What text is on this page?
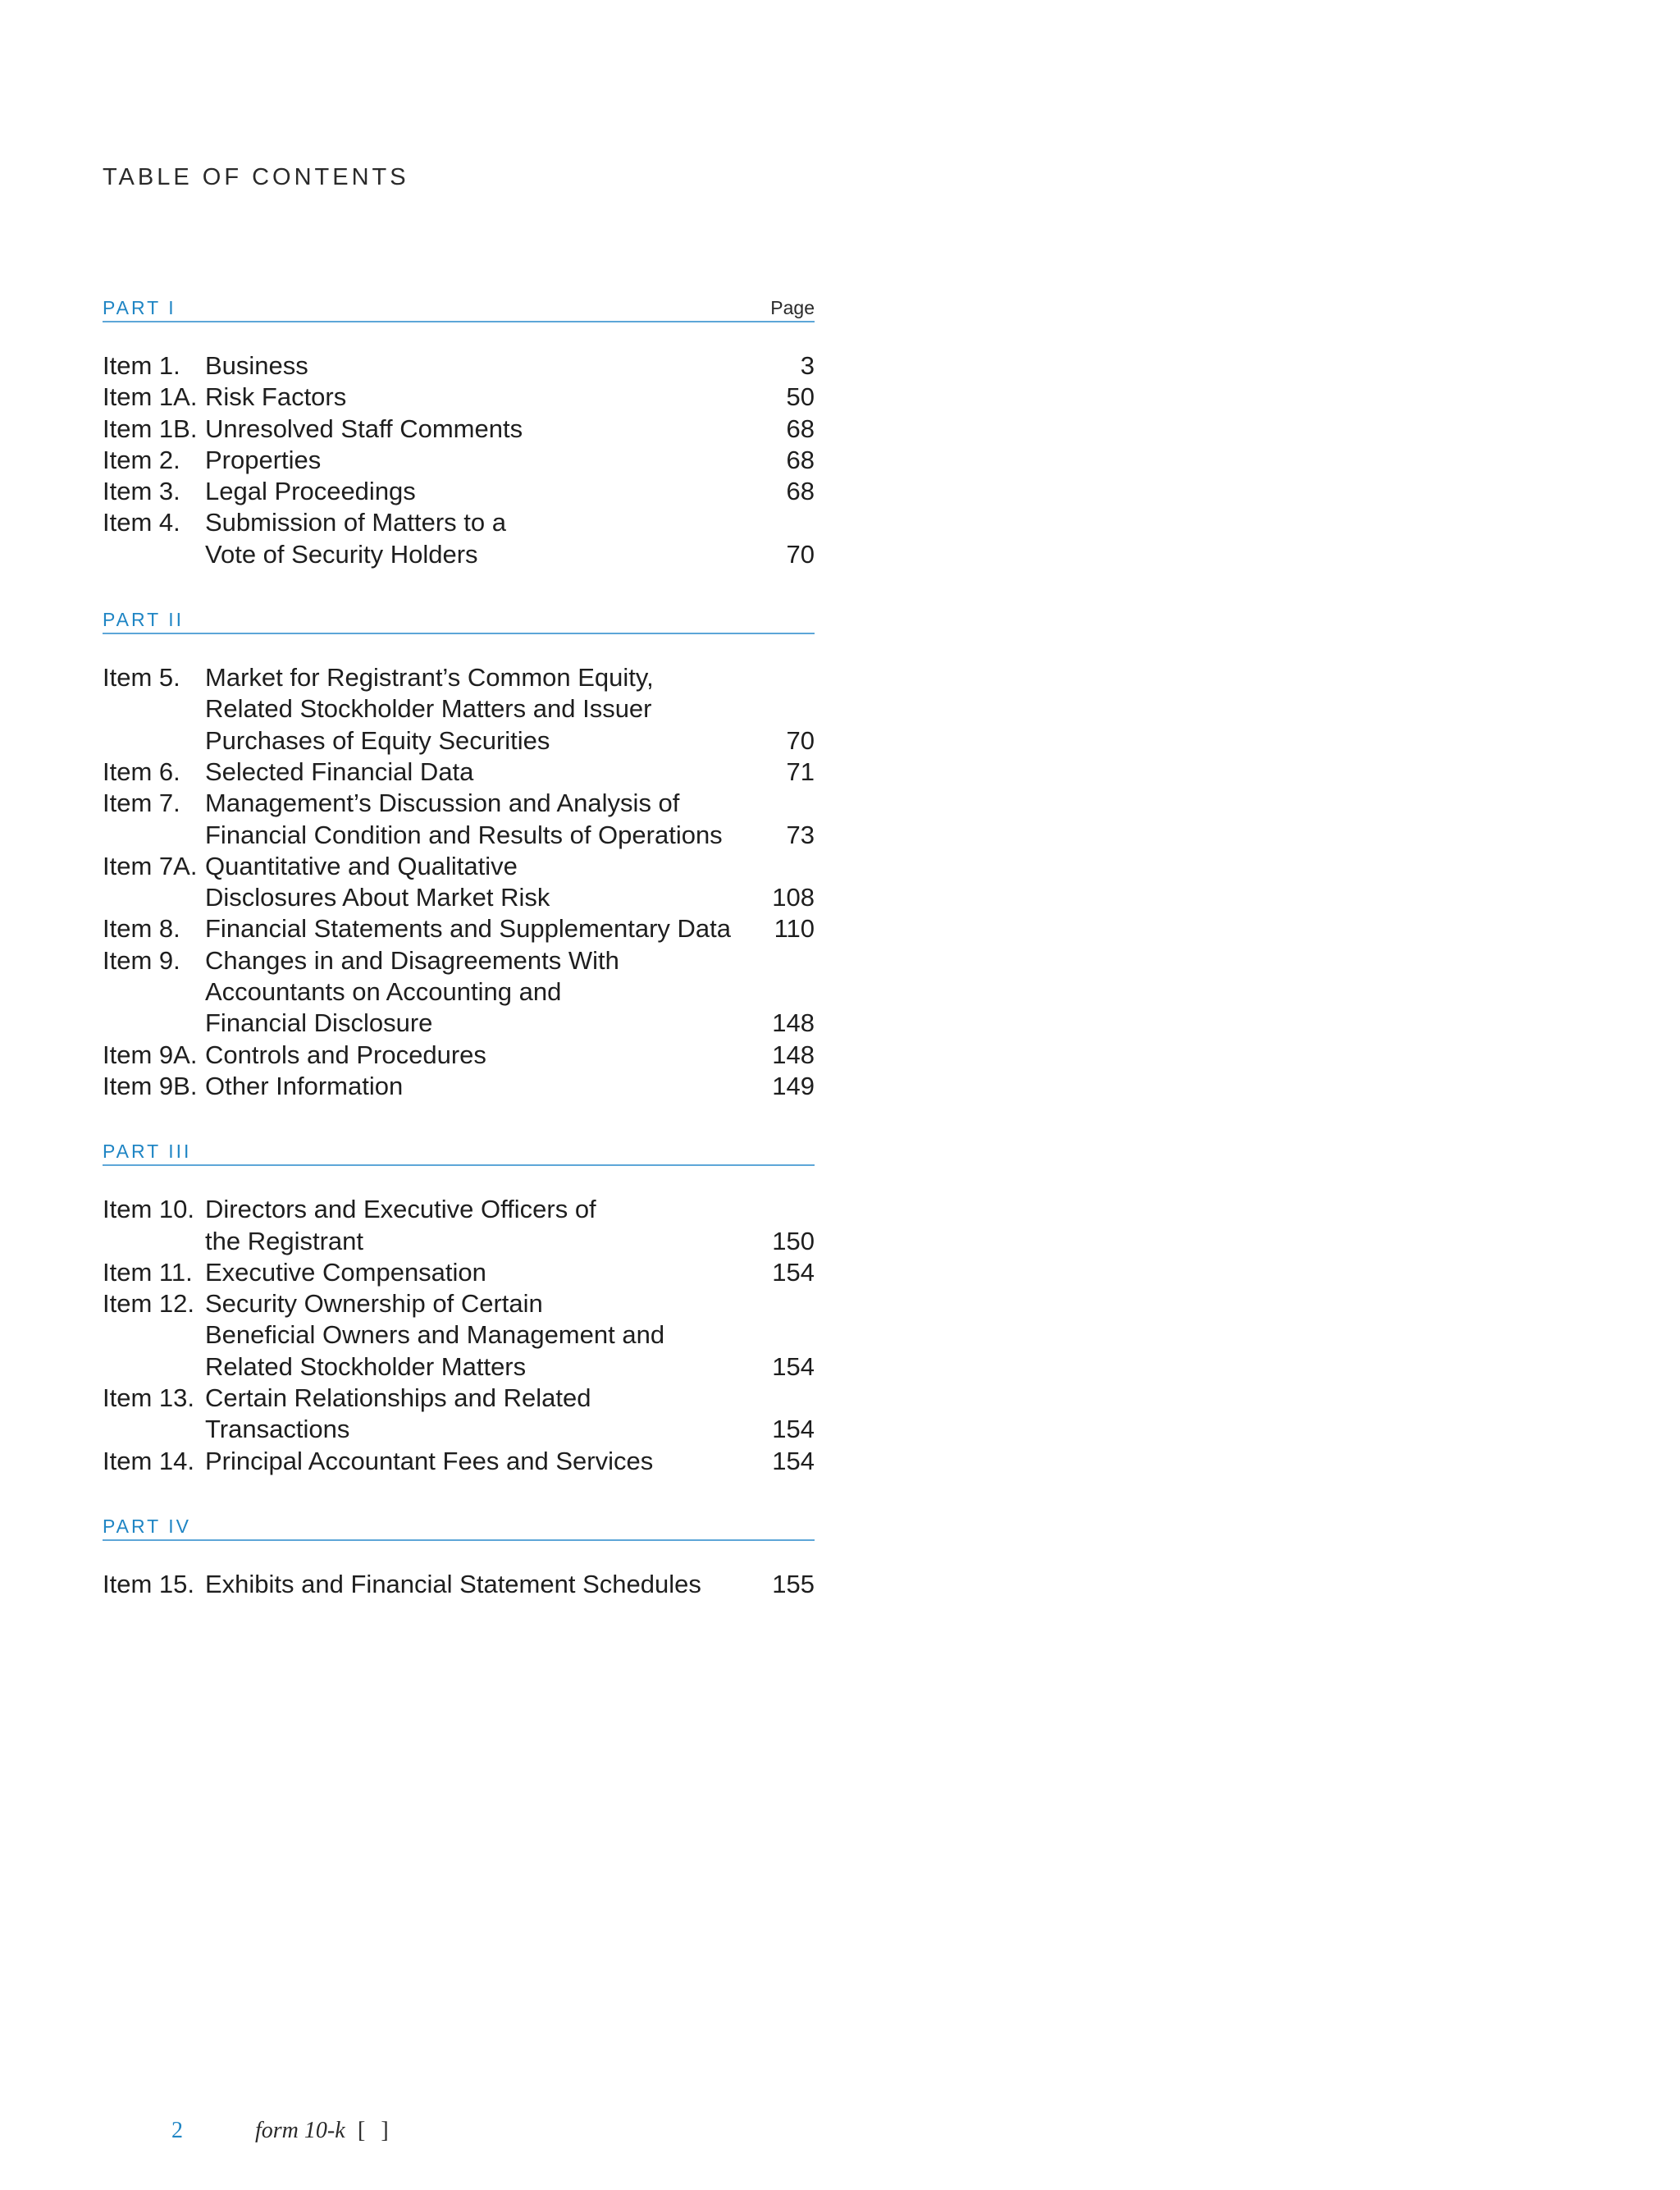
TABLE OF CONTENTS
PART I	Page
Item 1. Business	3
Item 1A. Risk Factors	50
Item 1B. Unresolved Staff Comments	68
Item 2. Properties	68
Item 3. Legal Proceedings	68
Item 4. Submission of Matters to a
Vote of Security Holders	70
PART II
Item 5. Market for Registrant’s Common Equity,
Related Stockholder Matters and Issuer
Purchases of Equity Securities	70
Item 6. Selected Financial Data	71
Item 7. Management’s Discussion and Analysis of
Financial Condition and Results of Operations	73
Item 7A. Quantitative and Qualitative
Disclosures About Market Risk	108
Item 8. Financial Statements and Supplementary Data	110
Item 9. Changes in and Disagreements With
Accountants on Accounting and
Financial Disclosure	148
Item 9A. Controls and Procedures	148
Item 9B. Other Information	149
PART III
Item 10. Directors and Executive Officers of
the Registrant	150
Item 11. Executive Compensation	154
Item 12. Security Ownership of Certain
Beneficial Owners and Management and
Related Stockholder Matters	154
Item 13. Certain Relationships and Related Transactions	154
Item 14. Principal Accountant Fees and Services	154
PART IV
Item 15. Exhibits and Financial Statement Schedules	155
2	form 10-k [ ]
